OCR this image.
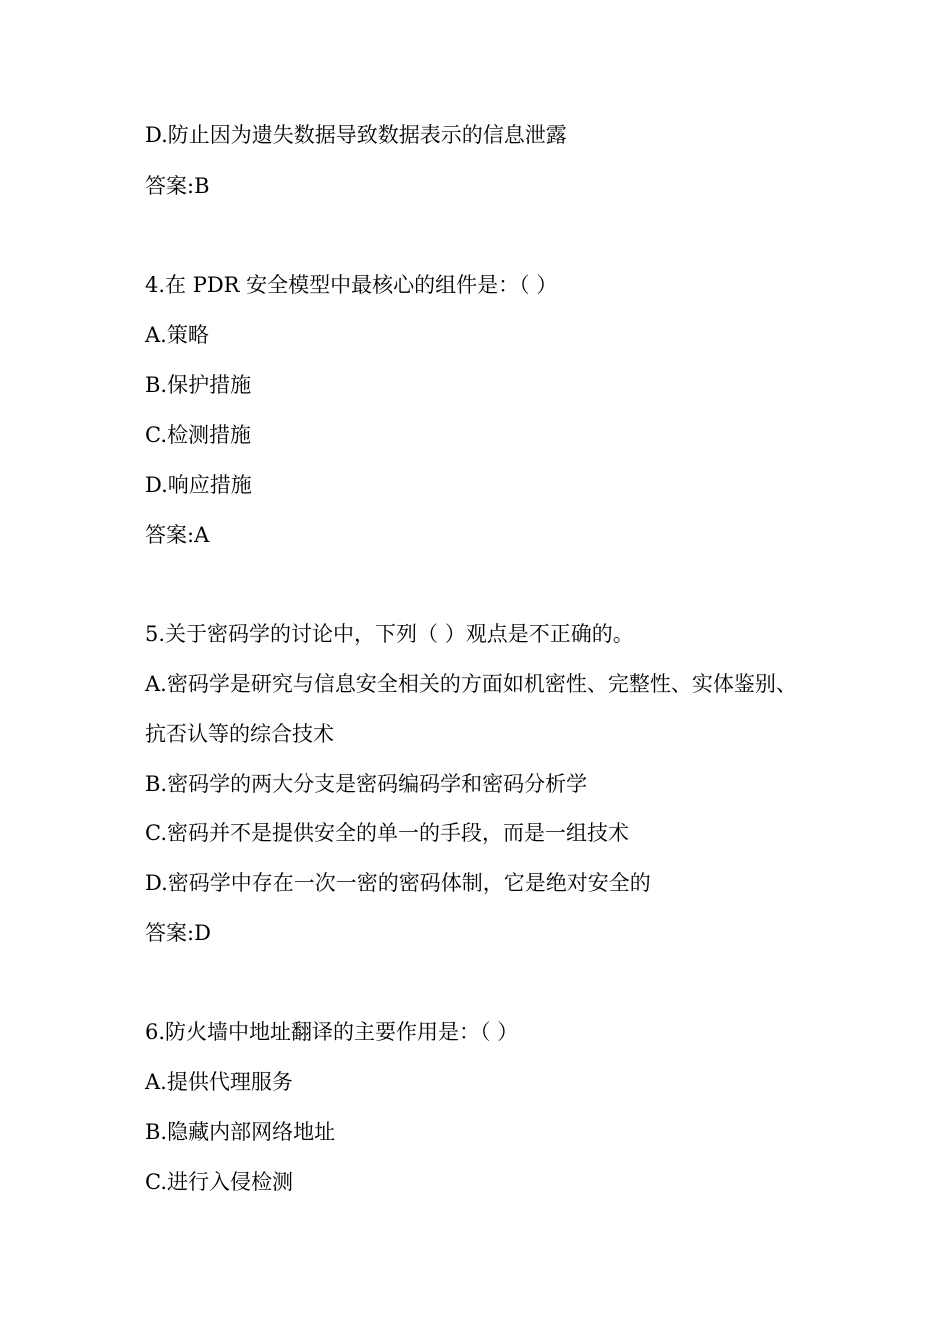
D.防止因为遗失数据导致数据表示的信息泄露
答案:B
4.在 PDR 安全模型中最核心的组件是：（ ）
A.策略
B.保护措施
C.检测措施
D.响应措施
答案:A
5.关于密码学的讨论中，下列（ ）观点是不正确的。
A.密码学是研究与信息安全相关的方面如机密性、完整性、实体鉴别、
抗否认等的综合技术
B.密码学的两大分支是密码编码学和密码分析学
C.密码并不是提供安全的单一的手段，而是一组技术
D.密码学中存在一次一密的密码体制，它是绝对安全的
答案:D
6.防火墙中地址翻译的主要作用是：（ ）
A.提供代理服务
B.隐藏内部网络地址
C.进行入侵检测
